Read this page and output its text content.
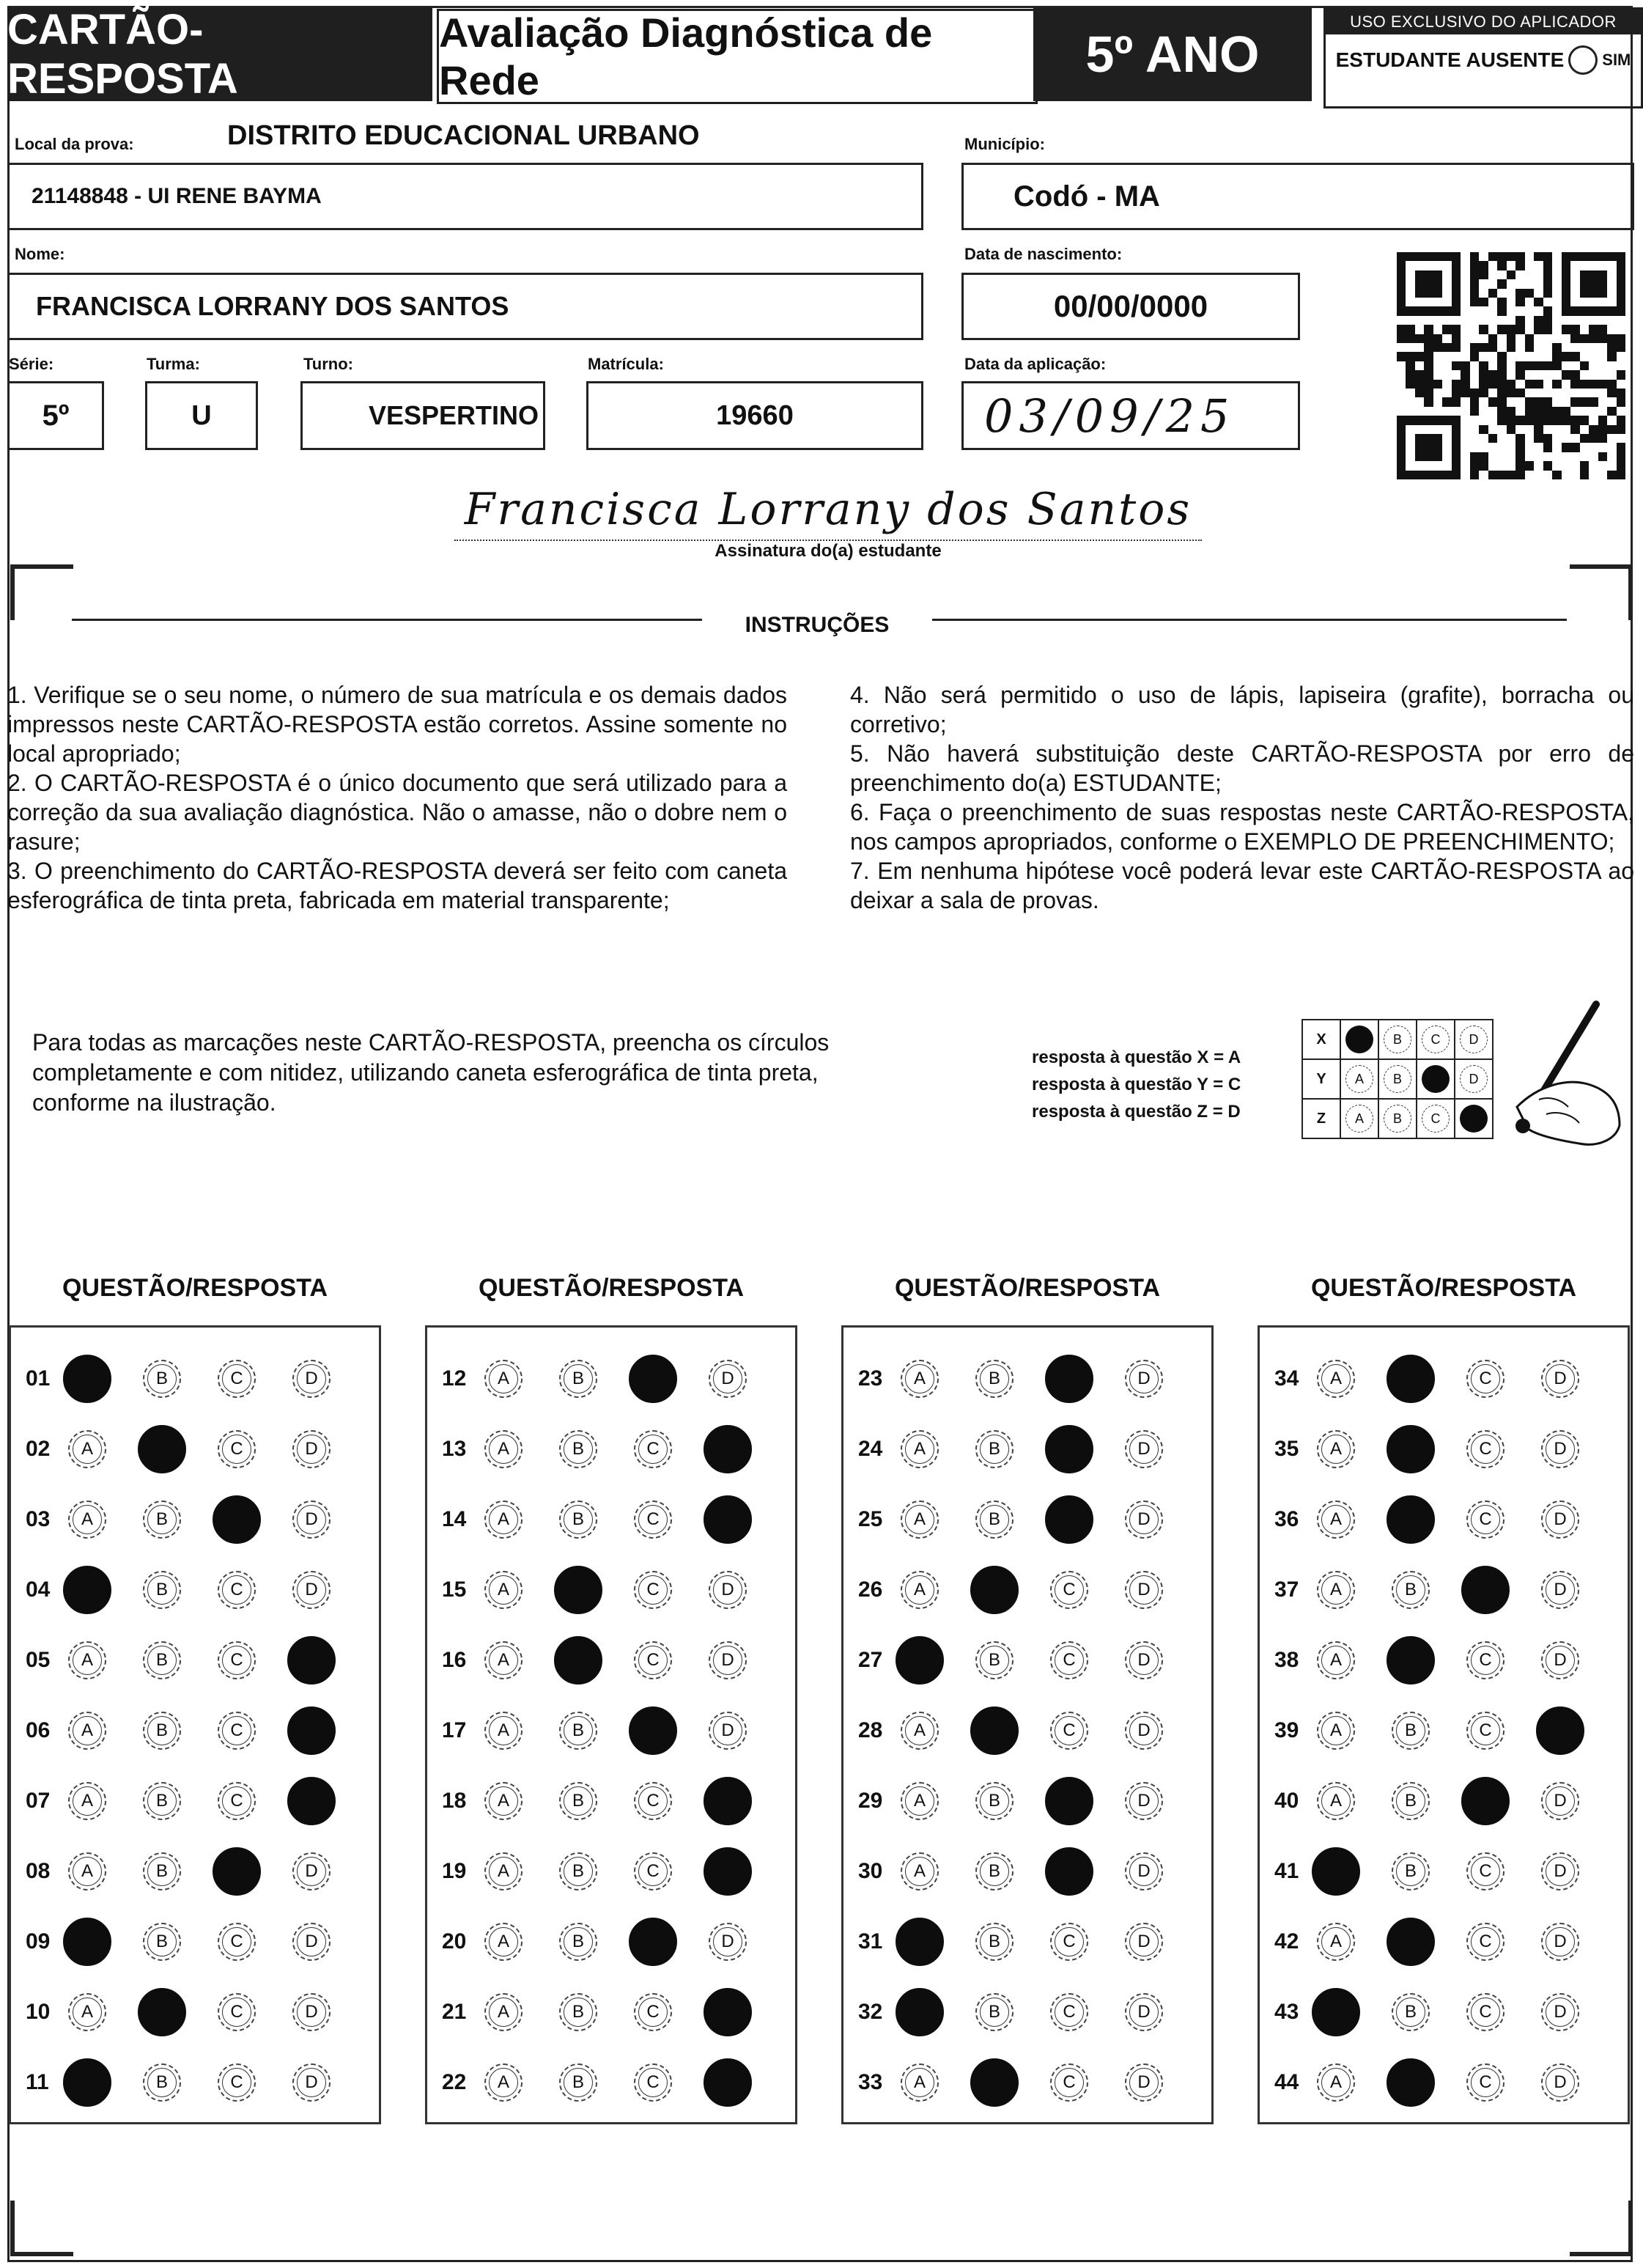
CARTÃO-RESPOSTA
Avaliação Diagnóstica de Rede	5º ANO
USO EXCLUSIVO DO APLICADOR
ESTUDANTE AUSENTE SIM
Local da prova:	DISTRITO EDUCACIONAL URBANO
21148848 - UI RENE BAYMA
Município:
Codó - MA
Nome:
FRANCISCA LORRANY DOS SANTOS
Data de nascimento:
00/00/0000
Série:
5º
Turma:
U
Turno:
VESPERTINO
Matrícula:
19660
Data da aplicação:
03/09/25
Francisca Lorrany dos Santos
Assinatura do(a) estudante
INSTRUÇÕES

1. Verifique se o seu nome, o número de sua matrícula e os demais dados impressos neste CARTÃO-RESPOSTA estão corretos. Assine somente no local apropriado;

2. O CARTÃO-RESPOSTA é o único documento que será utilizado para a correção da sua avaliação diagnóstica. Não o amasse, não o dobre nem o rasure;

3. O preenchimento do CARTÃO-RESPOSTA deverá ser feito com caneta esferográfica de tinta preta, fabricada em material transparente;

4. Não será permitido o uso de lápis, lapiseira (grafite), borracha ou corretivo;

5. Não haverá substituição deste CARTÃO-RESPOSTA por erro de preenchimento do(a) ESTUDANTE;

6. Faça o preenchimento de suas respostas neste CARTÃO-RESPOSTA, nos campos apropriados, conforme o EXEMPLO DE PREENCHIMENTO;

7. Em nenhuma hipótese você poderá levar este CARTÃO-RESPOSTA ao deixar a sala de provas.

Para todas as marcações neste CARTÃO-RESPOSTA, preencha os círculos completamente e com nitidez, utilizando caneta esferográfica de tinta preta, conforme na ilustração.
resposta à questão X = A
resposta à questão Y = C
resposta à questão Z = D
X		B	C	D
Y	A	B		D
Z	A	B	C	
QUESTÃO/RESPOSTA
01	B	C	D
02	A	C	D
03	A	B	D
04	B	C	D
05	A	B	C
06	A	B	C
07	A	B	C
08	A	B	D
09	B	C	D
10	A	C	D
11	B	C	D
QUESTÃO/RESPOSTA
12	A	B	D
13	A	B	C
14	A	B	C
15	A	C	D
16	A	C	D
17	A	B	D
18	A	B	C
19	A	B	C
20	A	B	D
21	A	B	C
22	A	B	C
QUESTÃO/RESPOSTA
23	A	B	D
24	A	B	D
25	A	B	D
26	A	C	D
27	B	C	D
28	A	C	D
29	A	B	D
30	A	B	D
31	B	C	D
32	B	C	D
33	A	C	D
QUESTÃO/RESPOSTA
34	A	C	D
35	A	C	D
36	A	C	D
37	A	B	D
38	A	C	D
39	A	B	C
40	A	B	D
41	B	C	D
42	A	C	D
43	B	C	D
44	A	C	D
